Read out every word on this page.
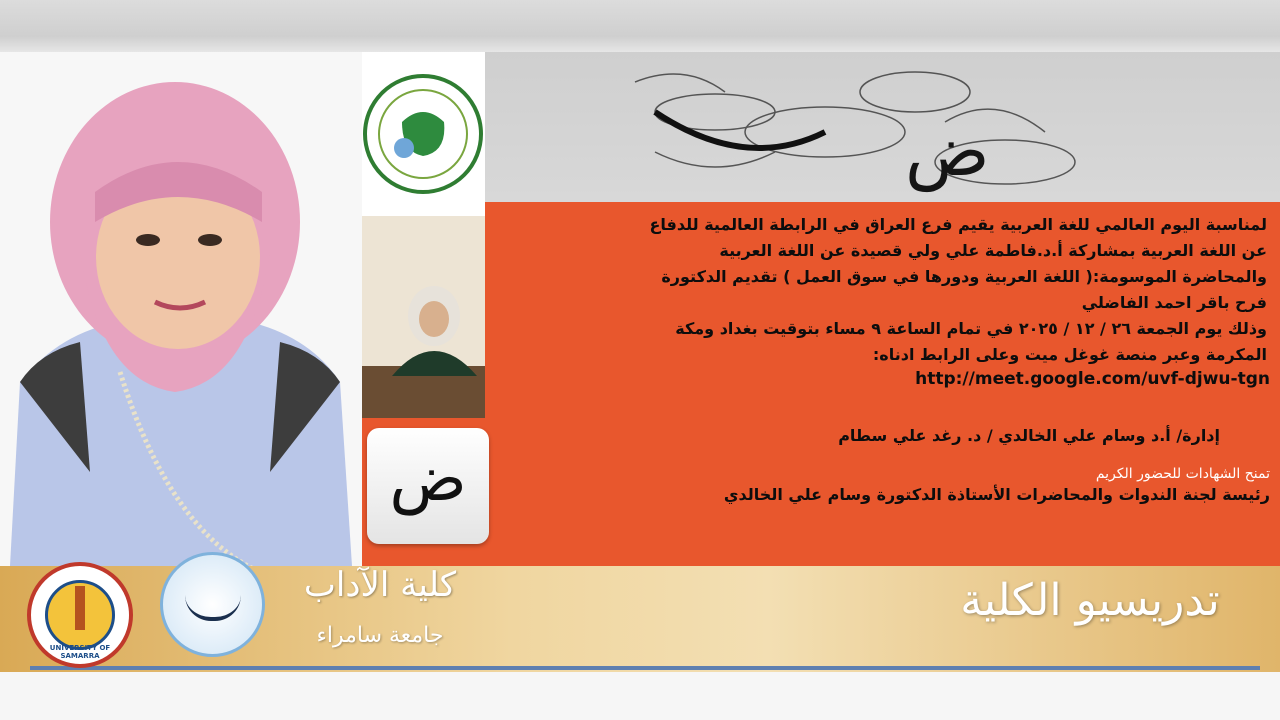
ض
ض
لمناسبة اليوم العالمي للغة العربية يقيم فرع العراق في الرابطة العالمية للدفاع
عن اللغة العربية بمشاركة أ.د.فاطمة علي ولي قصيدة عن اللغة العربية
والمحاضرة الموسومة:( اللغة العربية ودورها في سوق العمل ) تقديم الدكتورة
فرح باقر احمد الفاضلي
وذلك يوم الجمعة ٢٦ / ١٢ / ٢٠٢٥ في تمام الساعة ٩ مساء بتوقيت بغداد ومكة
المكرمة وعبر منصة غوغل ميت وعلى الرابط ادناه:
http://meet.google.com/uvf-djwu-tgn
إدارة/ أ.د وسام علي الخالدي / د. رغد علي سطام
تمنح الشهادات للحضور الكريم
رئيسة لجنة الندوات والمحاضرات الأستاذة الدكتورة وسام علي الخالدي
UNIVERSITY OF SAMARRA
كلية الآداب
جامعة سامراء
تدريسيو الكلية
